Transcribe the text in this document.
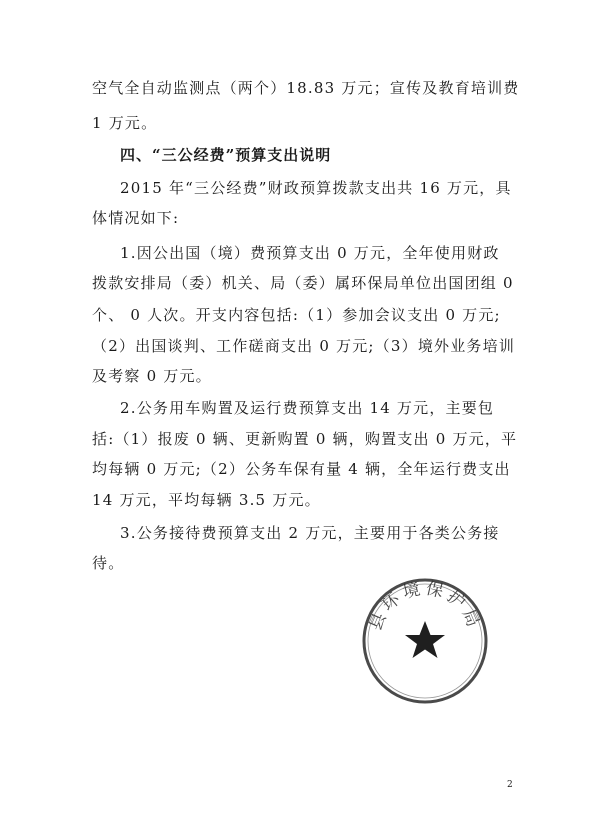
空气全自动监测点（两个）18.83 万元；宣传及教育培训费
1 万元。
四、“三公经费”预算支出说明
2015 年“三公经费”财政预算拨款支出共 16 万元，具
体情况如下:
1.因公出国（境）费预算支出 0 万元，全年使用财政
拨款安排局（委）机关、局（委）属环保局单位出国团组 0
个、 0 人次。开支内容包括:（1）参加会议支出 0 万元;
（2）出国谈判、工作磋商支出 0 万元;（3）境外业务培训
及考察 0 万元。
2.公务用车购置及运行费预算支出 14 万元，主要包
括:（1）报废 0 辆、更新购置 0 辆，购置支出 0 万元，平
均每辆 0 万元;（2）公务车保有量 4 辆，全年运行费支出
14 万元，平均每辆 3.5 万元。
3.公务接待费预算支出 2 万元，主要用于各类公务接
待。
县环境保护局
2
